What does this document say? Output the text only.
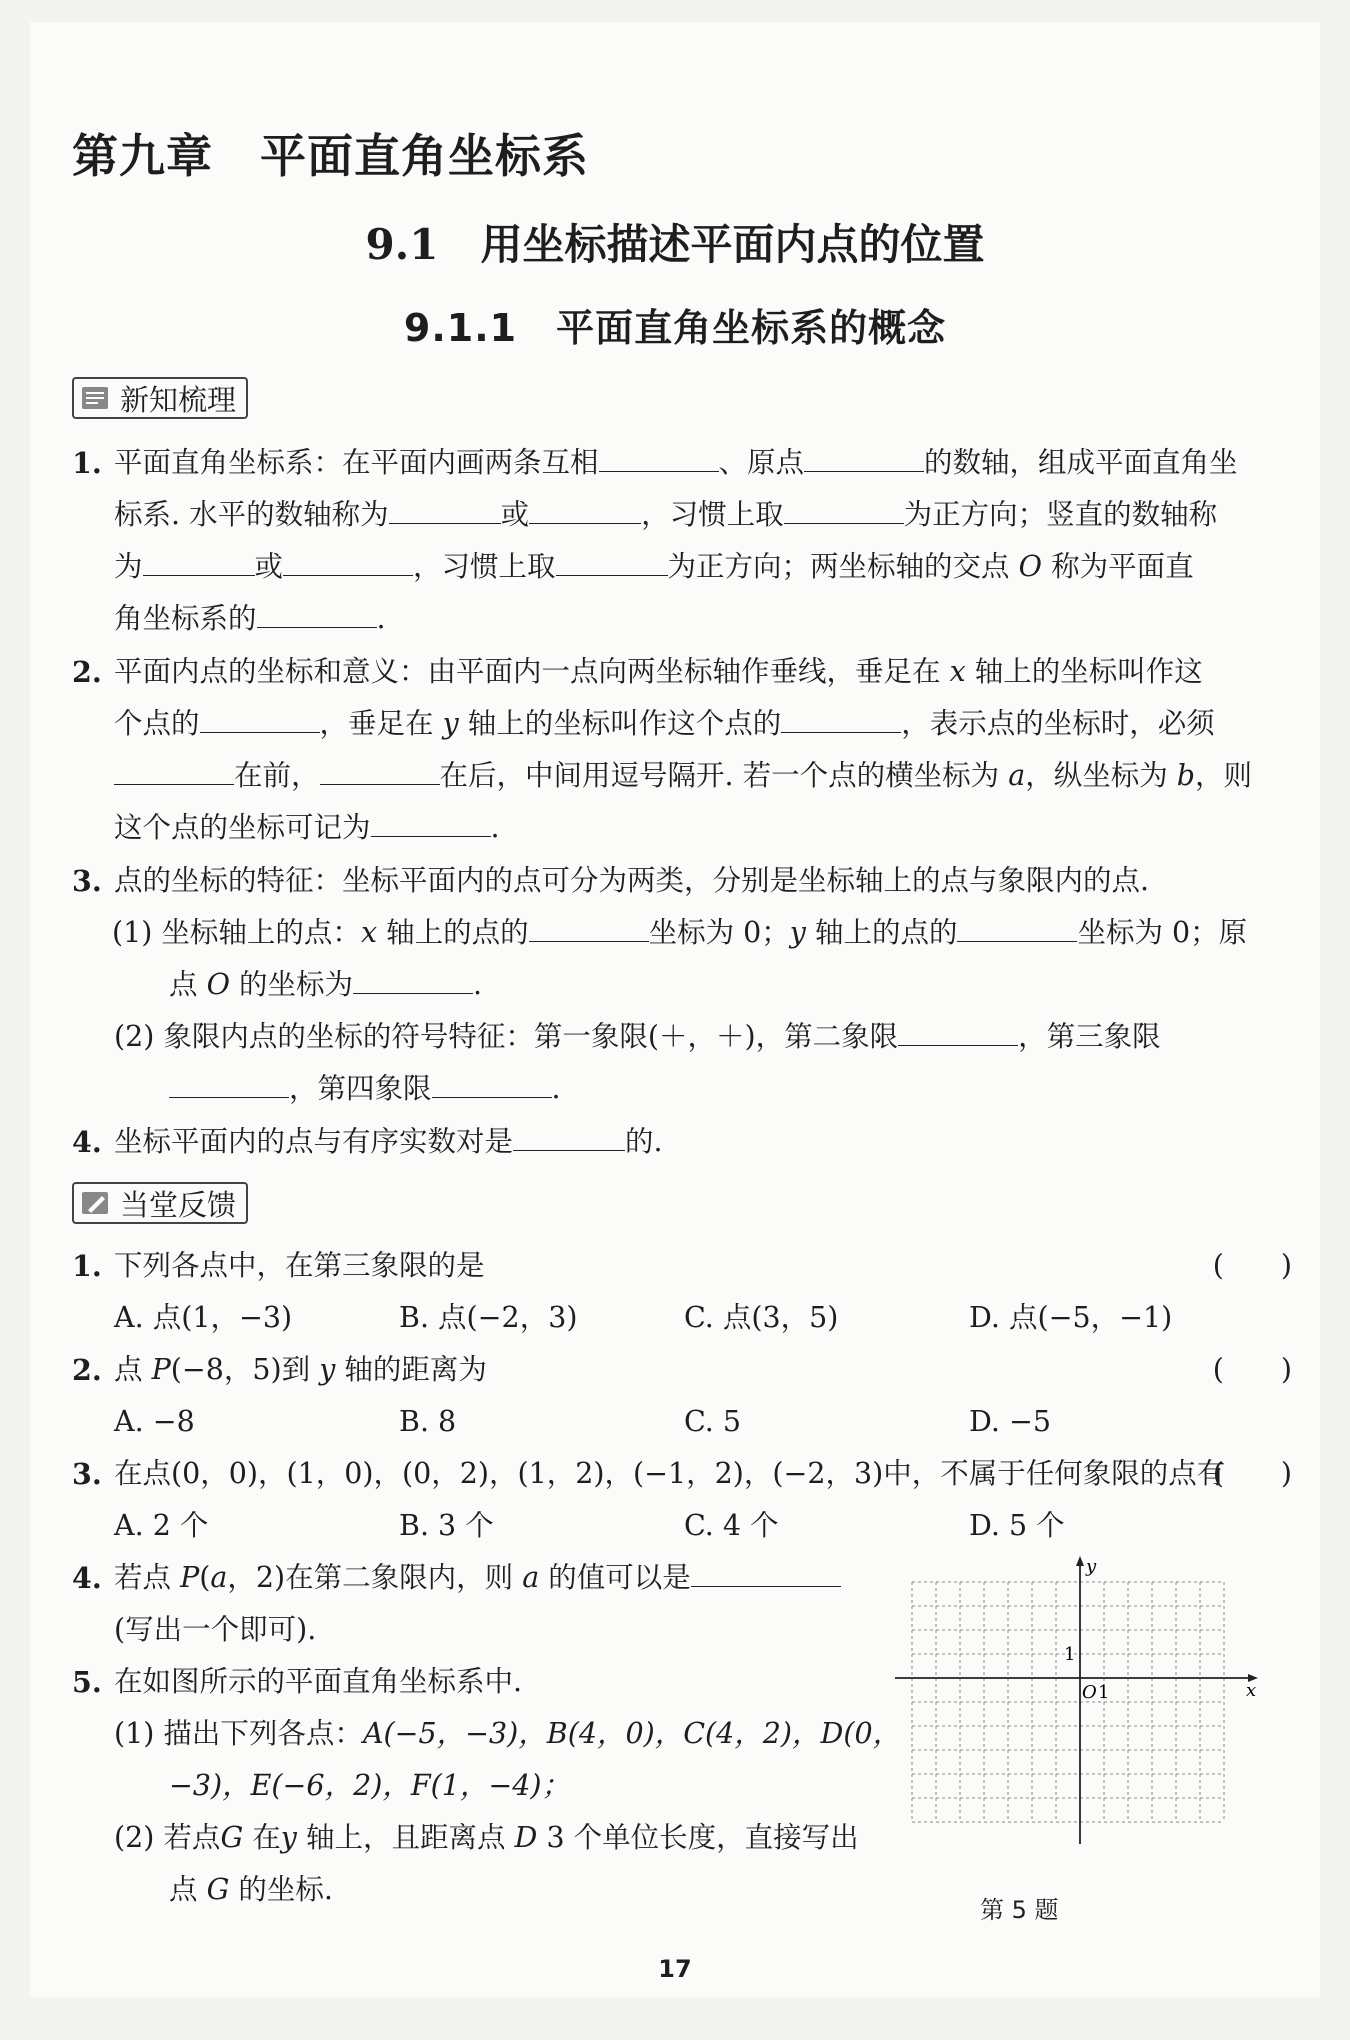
第九章　平面直角坐标系
9.1　用坐标描述平面内点的位置
9.1.1　平面直角坐标系的概念
新知梳理
1. 平面直角坐标系：在平面内画两条互相	、原点	的数轴，组成平面直角坐
标系. 水平的数轴称为	或	，习惯上取	为正方向；竖直的数轴称
为	或	，习惯上取	为正方向；两坐标轴的交点 O 称为平面直
角坐标系的	.
2. 平面内点的坐标和意义：由平面内一点向两坐标轴作垂线，垂足在 x 轴上的坐标叫作这
个点的	，垂足在 y 轴上的坐标叫作这个点的	，表示点的坐标时，必须
在前，	在后，中间用逗号隔开. 若一个点的横坐标为 a，纵坐标为 b，则
这个点的坐标可记为	.
3. 点的坐标的特征：坐标平面内的点可分为两类，分别是坐标轴上的点与象限内的点.
(1) 坐标轴上的点：x 轴上的点的	坐标为 0；y 轴上的点的	坐标为 0；原
点 O 的坐标为	.
(2) 象限内点的坐标的符号特征：第一象限(＋，＋)，第二象限	，第三象限
，第四象限	.
4. 坐标平面内的点与有序实数对是	的.
当堂反馈
1. 下列各点中，在第三象限的是	(　　)
A. 点(1，−3)	B. 点(−2，3)	C. 点(3，5)	D. 点(−5，−1)
2. 点 P(−8，5)到 y 轴的距离为	(　　)
A. −8	B. 8	C. 5	D. −5
3. 在点(0，0)，(1，0)，(0，2)，(1，2)，(−1，2)，(−2，3)中，不属于任何象限的点有
(　　)
A. 2 个	B. 3 个	C. 4 个	D. 5 个
4. 若点 P(a，2)在第二象限内，则 a 的值可以是
(写出一个即可).
5. 在如图所示的平面直角坐标系中.
(1) 描出下列各点：A(−5，−3)，B(4，0)，C(4，2)，D(0，
−3)，E(−6，2)，F(1，−4)；
(2) 若点G 在y 轴上，且距离点 D 3 个单位长度，直接写出
点 G 的坐标.
x
y
O 1
1
第 5 题
17
